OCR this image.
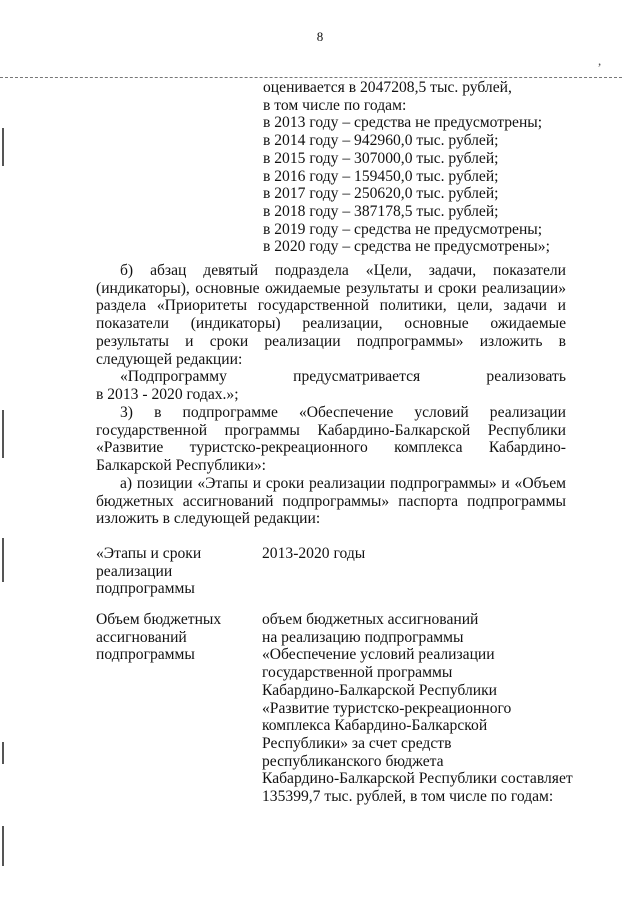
,
8
оценивается в 2047208,5 тыс. рублей,
в том числе по годам:
в 2013 году – средства не предусмотрены;
в 2014 году – 942960,0 тыс. рублей;
в 2015 году – 307000,0 тыс. рублей;
в 2016 году – 159450,0 тыс. рублей;
в 2017 году – 250620,0 тыс. рублей;
в 2018 году – 387178,5 тыс. рублей;
в 2019 году – средства не предусмотрены;
в 2020 году – средства не предусмотрены»;

б) абзац девятый подраздела «Цели, задачи, показатели (индикаторы), основные ожидаемые результаты и сроки реализации» раздела «Приоритеты государственной политики, цели, задачи и показатели (индикаторы) реализации, основные ожидаемые результаты и сроки реализации подпрограммы» изложить в следующей редакции:

«Подпрограмму предусматривается реализовать

в 2013 - 2020 годах.»;

3) в подпрограмме «Обеспечение условий реализации государственной программы Кабардино-Балкарской Республики «Развитие туристско-рекреационного комплекса Кабардино-Балкарской Республики»:

а) позиции «Этапы и сроки реализации подпрограммы» и «Объем бюджетных ассигнований подпрограммы» паспорта подпрограммы изложить в следующей редакции:

«Этапы и сроки реализации подпрограммы
2013-2020 годы
Объем бюджетных ассигнований подпрограммы
объем бюджетных ассигнований
на реализацию подпрограммы
«Обеспечение условий реализации
государственной программы
Кабардино-Балкарской Республики
«Развитие туристско-рекреационного
комплекса Кабардино-Балкарской
Республики» за счет средств
республиканского бюджета
Кабардино-Балкарской Республики составляет
135399,7 тыс. рублей, в том числе по годам:
